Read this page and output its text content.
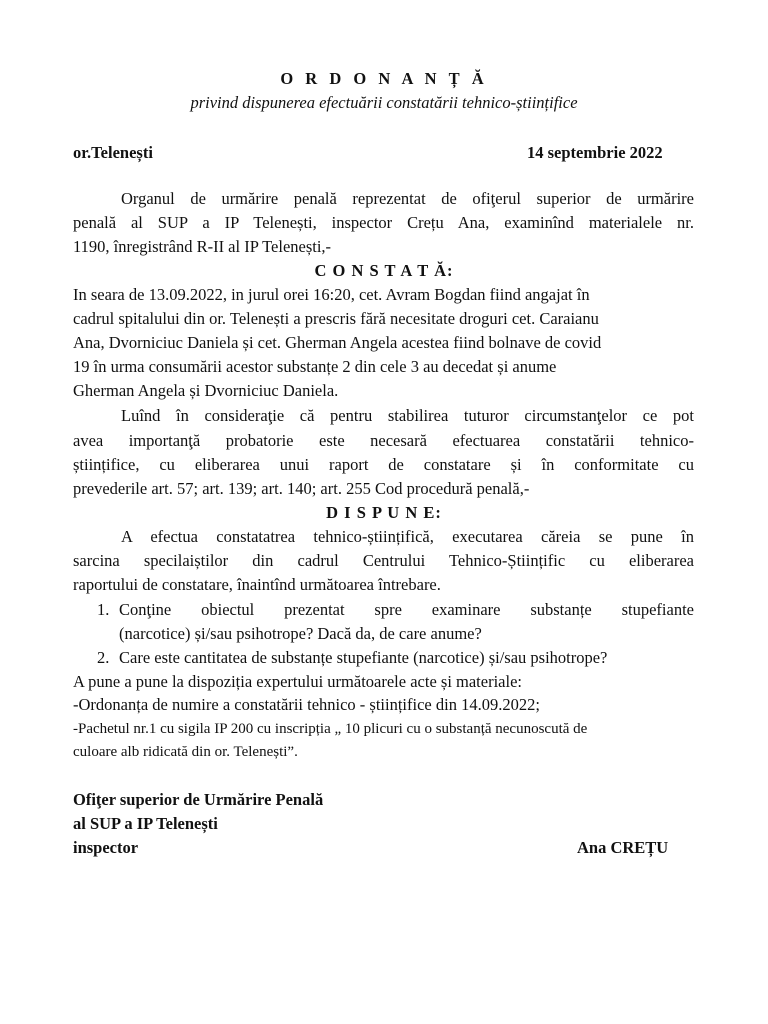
O R D O N A N Ț Ă
privind dispunerea efectuării constatării tehnico-științifice
or.Telenești	14 septembrie 2022
Organul de urmărire penală reprezentat de ofiţerul superior de urmărire
penală al SUP a IP Telenești, inspector Crețu Ana, examinînd materialele nr.
1190, înregistrând R-II al IP Telenești,-
C O N S T A T Ă:
In seara de 13.09.2022, in jurul orei 16:20, cet. Avram Bogdan fiind angajat în
cadrul spitalului din or. Telenești a prescris fără necesitate droguri cet. Caraianu
Ana, Dvorniciuc Daniela și cet. Gherman Angela acestea fiind bolnave de covid
19 în urma consumării acestor substanțe 2 din cele 3 au decedat și anume
Gherman Angela și Dvorniciuc Daniela.
Luînd în consideraţie că pentru stabilirea tuturor circumstanţelor ce pot
avea importanţă probatorie este necesară efectuarea constatării tehnico-
științifice, cu eliberarea unui raport de constatare și în conformitate cu
prevederile art. 57; art. 139; art. 140; art. 255 Cod procedură penală,-
D I S P U N E:
A efectua constatatrea tehnico-științifică, executarea căreia se pune în
sarcina specilaiștilor din cadrul Centrului Tehnico-Științific cu eliberarea
raportului de constatare, înaintînd următoarea întrebare.
1. Conţine obiectul prezentat spre examinare substanțe stupefiante
(narcotice) și/sau psihotrope? Dacă da, de care anume?
2. Care este cantitatea de substanțe stupefiante (narcotice) și/sau psihotrope?
A pune a pune la dispoziția expertului următoarele acte și materiale:
-Ordonanța de numire a constatării tehnico - științifice din 14.09.2022;
-Pachetul nr.1 cu sigila IP 200 cu inscripția „ 10 plicuri cu o substanță necunoscută de
culoare alb ridicată din or. Telenești”.
Ofiţer superior de Urmărire Penală
al SUP a IP Telenești
inspector	Ana CREȚU
